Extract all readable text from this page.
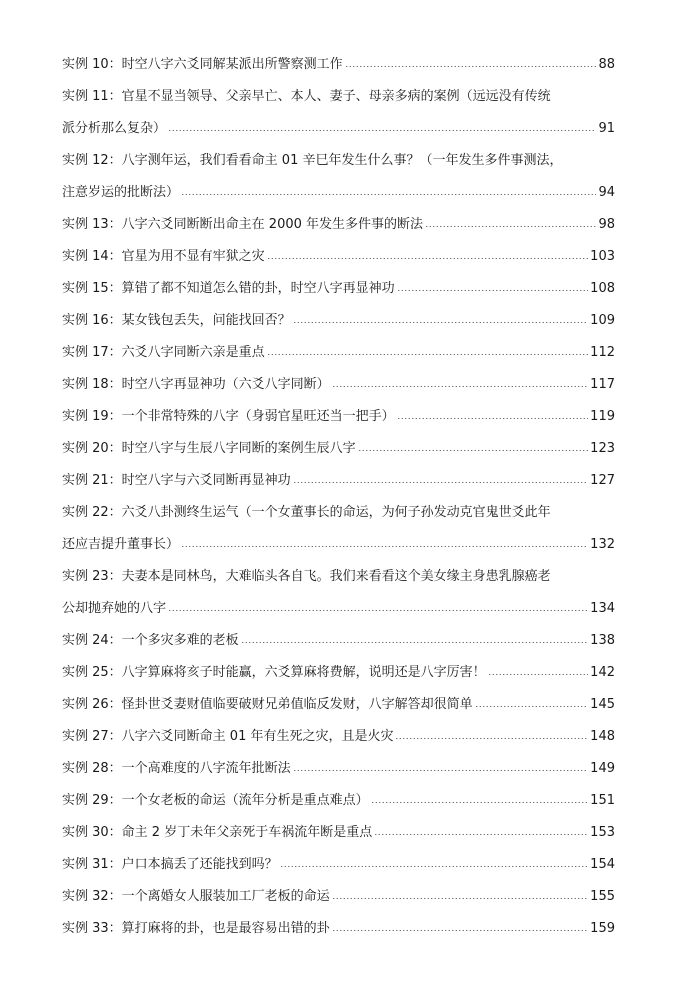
实例 10：时空八字六爻同解某派出所警察测工作	88
实例 11：官星不显当领导、父亲早亡、本人、妻子、母亲多病的案例（远远没有传统
派分析那么复杂）	91
实例 12：八字测年运，我们看看命主 01 辛巳年发生什么事？（一年发生多件事测法，
注意岁运的批断法）	94
实例 13：八字六爻同断断出命主在 2000 年发生多件事的断法	98
实例 14：官星为用不显有牢狱之灾	103
实例 15：算错了都不知道怎么错的卦，时空八字再显神功	108
实例 16：某女钱包丢失，问能找回否？	109
实例 17：六爻八字同断六亲是重点	112
实例 18：时空八字再显神功（六爻八字同断）	117
实例 19：一个非常特殊的八字（身弱官星旺还当一把手）	119
实例 20：时空八字与生辰八字同断的案例生辰八字	123
实例 21：时空八字与六爻同断再显神功	127
实例 22：六爻八卦测终生运气（一个女董事长的命运，为何子孙发动克官鬼世爻此年
还应吉提升董事长）	132
实例 23：夫妻本是同林鸟，大难临头各自飞。我们来看看这个美女缘主身患乳腺癌老
公却抛弃她的八字	134
实例 24：一个多灾多难的老板	138
实例 25：八字算麻将亥子时能赢，六爻算麻将费解，说明还是八字厉害！	142
实例 26：怪卦世爻妻财值临要破财兄弟值临反发财，八字解答却很简单	145
实例 27：八字六爻同断命主 01 年有生死之灾，且是火灾	148
实例 28：一个高难度的八字流年批断法	149
实例 29：一个女老板的命运（流年分析是重点难点）	151
实例 30：命主 2 岁丁未年父亲死于车祸流年断是重点	153
实例 31：户口本搞丢了还能找到吗？	154
实例 32：一个离婚女人服装加工厂老板的命运	155
实例 33：算打麻将的卦，也是最容易出错的卦	159
